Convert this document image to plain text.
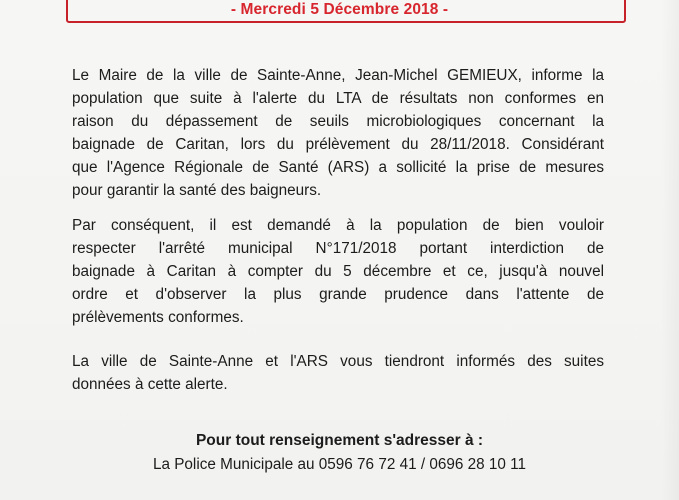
- Mercredi 5 Décembre 2018 -

Le Maire de la ville de Sainte-Anne, Jean-Michel GEMIEUX, informe la
population que suite à l'alerte du LTA de résultats non conformes en
raison du dépassement de seuils microbiologiques concernant la
baignade de Caritan, lors du prélèvement du 28/11/2018. Considérant
que l'Agence Régionale de Santé (ARS) a sollicité la prise de mesures
pour garantir la santé des baigneurs.

Par conséquent, il est demandé à la population de bien vouloir
respecter l'arrêté municipal N°171/2018 portant interdiction de
baignade à Caritan à compter du 5 décembre et ce, jusqu'à nouvel
ordre et d'observer la plus grande prudence dans l'attente de
prélèvements conformes.

La ville de Sainte-Anne et l'ARS vous tiendront informés des suites
données à cette alerte.

Pour tout renseignement s'adresser à :
La Police Municipale au 0596 76 72 41 / 0696 28 10 11
